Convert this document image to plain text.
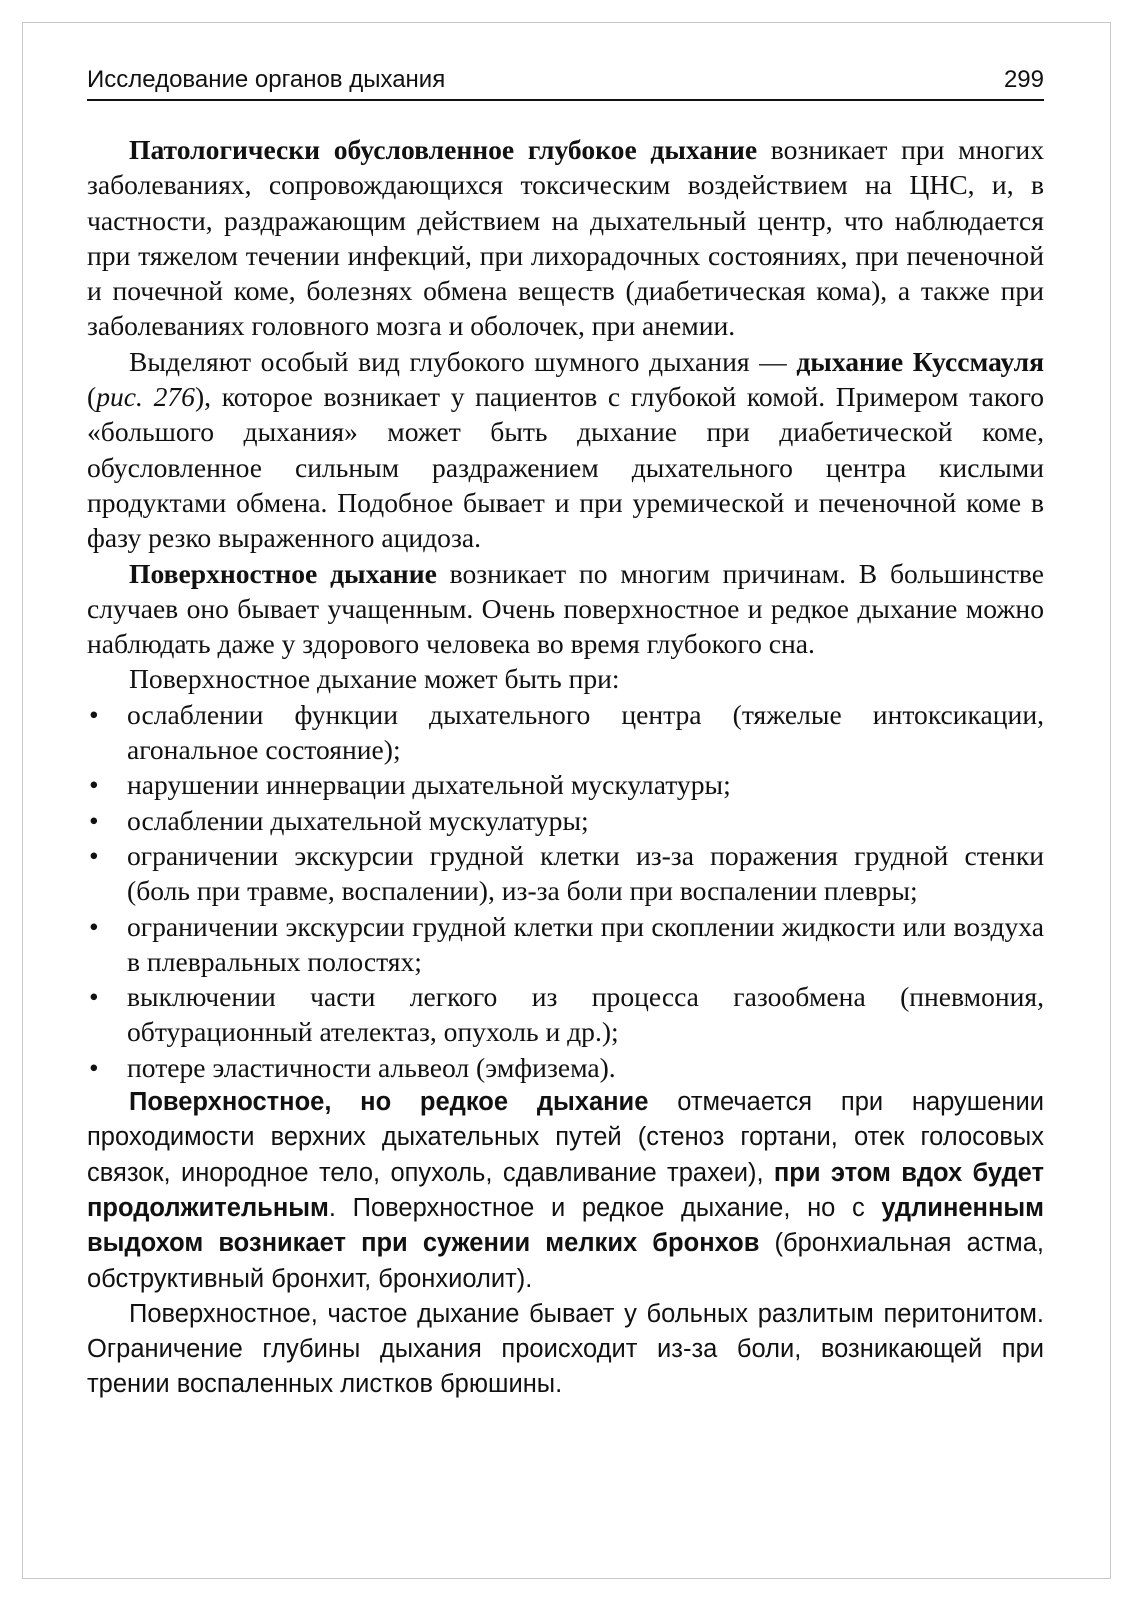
Исследование органов дыхания	299

Патологически обусловленное глубокое дыхание возникает при многих заболеваниях, сопровождающихся токсическим воздействием на ЦНС, и, в частности, раздражающим действием на дыхательный центр, что наблюдается при тяжелом течении инфекций, при лихорадочных состояниях, при печеночной и почечной коме, болезнях обмена веществ (диабетическая кома), а также при заболеваниях головного мозга и оболочек, при анемии.

Выделяют особый вид глубокого шумного дыхания — дыхание Куссмауля (рис. 276), которое возникает у пациентов с глубокой комой. Примером такого «большого дыхания» может быть дыхание при диабетической коме, обусловленное сильным раздражением дыхательного центра кислыми продуктами обмена. Подобное бывает и при уремической и печеночной коме в фазу резко выраженного ацидоза.

Поверхностное дыхание возникает по многим причинам. В большинстве случаев оно бывает учащенным. Очень поверхностное и редкое дыхание можно наблюдать даже у здорового человека во время глубокого сна.

Поверхностное дыхание может быть при:

• ослаблении функции дыхательного центра (тяжелые интоксикации, агональное состояние);
• нарушении иннервации дыхательной мускулатуры;
• ослаблении дыхательной мускулатуры;
• ограничении экскурсии грудной клетки из-за поражения грудной стенки (боль при травме, воспалении), из-за боли при воспалении плевры;
• ограничении экскурсии грудной клетки при скоплении жидкости или воздуха в плевральных полостях;
• выключении части легкого из процесса газообмена (пневмония, обтурационный ателектаз, опухоль и др.);
• потере эластичности альвеол (эмфизема).

Поверхностное, но редкое дыхание отмечается при нарушении проходимости верхних дыхательных путей (стеноз гортани, отек голосовых связок, инородное тело, опухоль, сдавливание трахеи), при этом вдох будет продолжительным. Поверхностное и редкое дыхание, но с удлиненным выдохом возникает при сужении мелких бронхов (бронхиальная астма, обструктивный бронхит, бронхиолит).

Поверхностное, частое дыхание бывает у больных разлитым перитонитом. Ограничение глубины дыхания происходит из-за боли, возникающей при трении воспаленных листков брюшины.
